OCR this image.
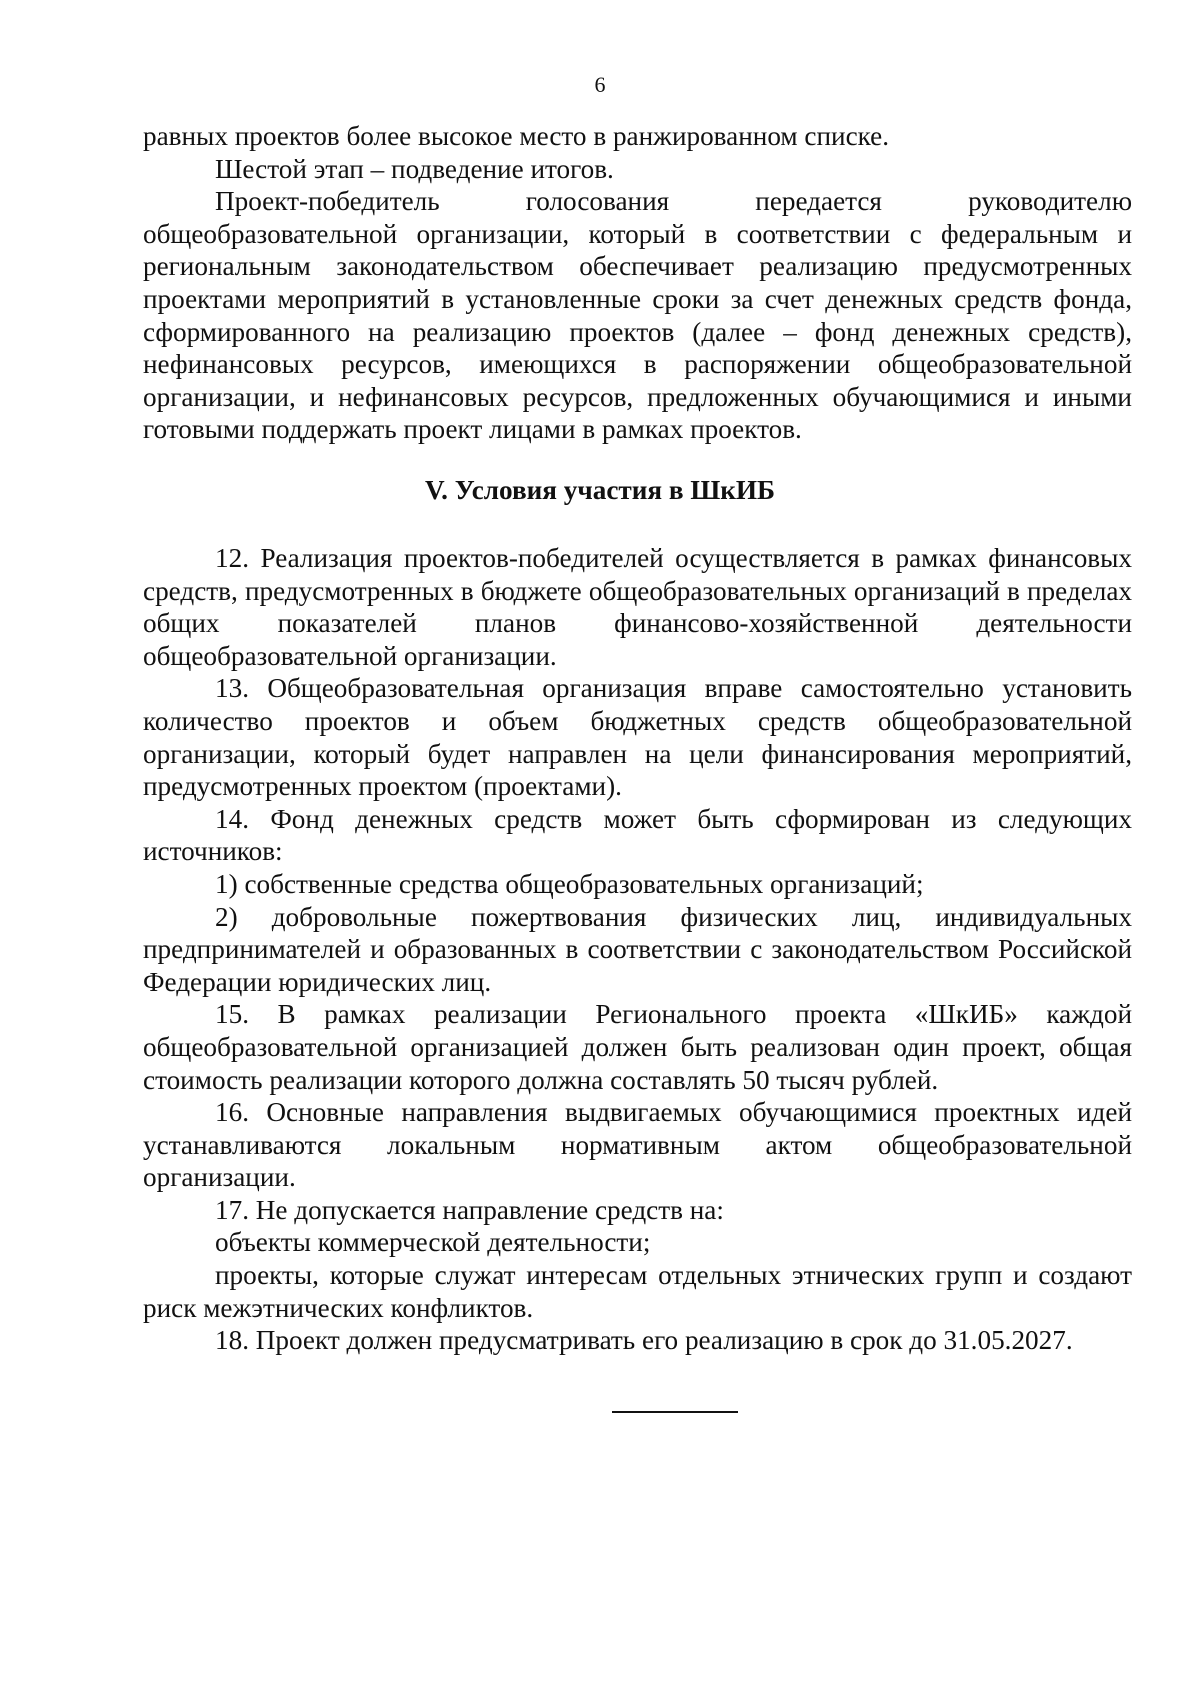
6

равных проектов более высокое место в ранжированном списке.

Шестой этап – подведение итогов.

Проект-победитель голосования передается руководителю общеобразовательной организации, который в соответствии с федеральным и региональным законодательством обеспечивает реализацию предусмотренных проектами мероприятий в установленные сроки за счет денежных средств фонда, сформированного на реализацию проектов (далее – фонд денежных средств), нефинансовых ресурсов, имеющихся в распоряжении общеобразовательной организации, и нефинансовых ресурсов, предложенных обучающимися и иными готовыми поддержать проект лицами в рамках проектов.

V. Условия участия в ШкИБ

12. Реализация проектов-победителей осуществляется в рамках финансовых средств, предусмотренных в бюджете общеобразовательных организаций в пределах общих показателей планов финансово-хозяйственной деятельности общеобразовательной организации.

13. Общеобразовательная организация вправе самостоятельно установить количество проектов и объем бюджетных средств общеобразовательной организации, который будет направлен на цели финансирования мероприятий, предусмотренных проектом (проектами).

14. Фонд денежных средств может быть сформирован из следующих источников:

1) собственные средства общеобразовательных организаций;

2) добровольные пожертвования физических лиц, индивидуальных предпринимателей и образованных в соответствии с законодательством Российской Федерации юридических лиц.

15. В рамках реализации Регионального проекта «ШкИБ» каждой общеобразовательной организацией должен быть реализован один проект, общая стоимость реализации которого должна составлять 50 тысяч рублей.

16. Основные направления выдвигаемых обучающимися проектных идей устанавливаются локальным нормативным актом общеобразовательной организации.

17. Не допускается направление средств на:

объекты коммерческой деятельности;

проекты, которые служат интересам отдельных этнических групп и создают риск межэтнических конфликтов.

18. Проект должен предусматривать его реализацию в срок до 31.05.2027.
